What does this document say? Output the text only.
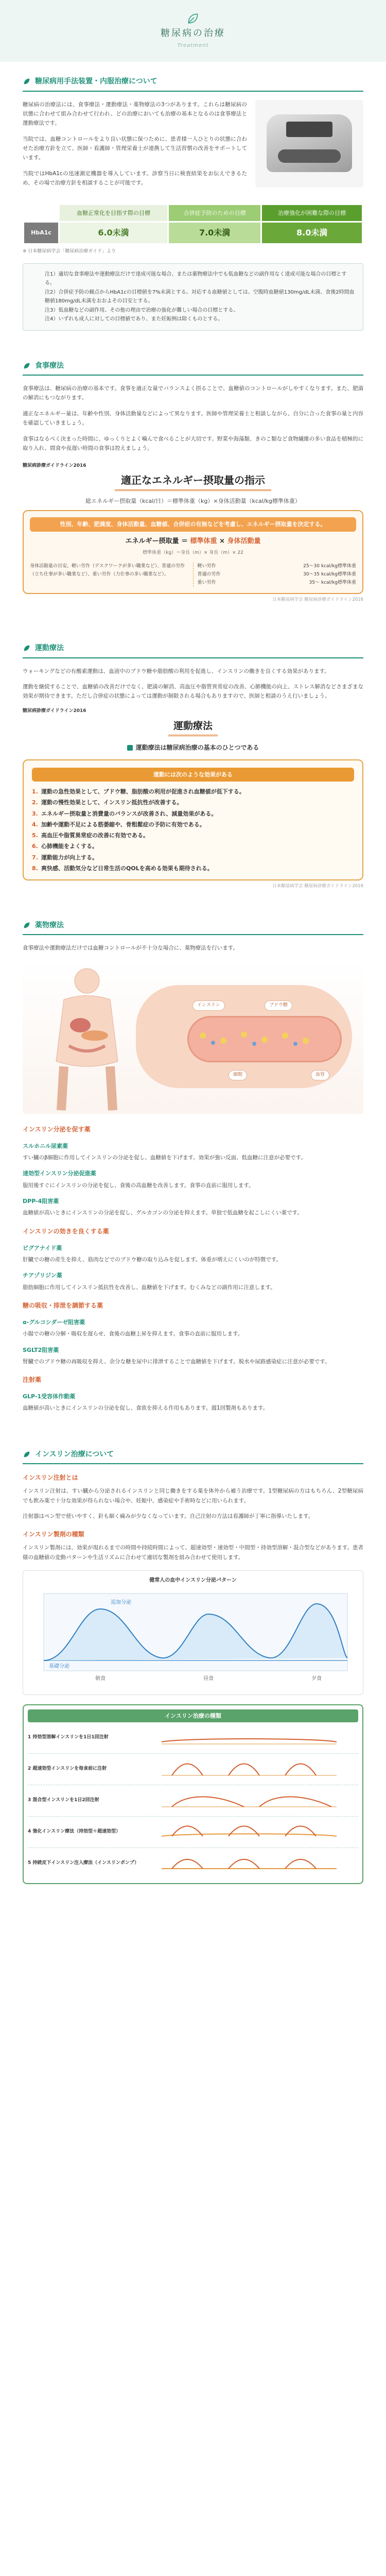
糖尿病の治療
Treatment
糖尿病用手法装置・内服治療について

糖尿病の治療法には、食事療法・運動療法・薬物療法の3つがあります。これらは糖尿病の状態に合わせて組み合わせて行われ、どの治療においても治療の基本となるのは食事療法と運動療法です。

当院では、血糖コントロールをより良い状態に保つために、患者様一人ひとりの状態に合わせた治療方針を立て、医師・看護師・管理栄養士が連携して生活習慣の改善をサポートしています。

当院ではHbA1cの迅速測定機器を導入しています。診察当日に検査結果をお伝えできるため、その場で治療方針を相談することが可能です。

	血糖正常化を目指す際の目標	合併症予防のための目標	治療強化が困難な際の目標
HbA1c	6.0未満	7.0未満	8.0未満
※ 日本糖尿病学会「糖尿病治療ガイド」より
注1）適切な食事療法や運動療法だけで達成可能な場合、または薬物療法中でも低血糖などの副作用なく達成可能な場合の目標とする。
注2）合併症予防の観点からHbA1cの目標値を7%未満とする。対応する血糖値としては、空腹時血糖値130mg/dL未満、食後2時間血糖値180mg/dL未満をおおよその目安とする。
注3）低血糖などの副作用、その他の理由で治療の強化が難しい場合の目標とする。
注4）いずれも成人に対しての目標値であり、また妊娠例は除くものとする。
食事療法

食事療法は、糖尿病の治療の基本です。食事を適正な量でバランスよく摂ることで、血糖値のコントロールがしやすくなります。また、肥満の解消にもつながります。

適正なエネルギー量は、年齢や性別、身体活動量などによって異なります。医師や管理栄養士と相談しながら、自分に合った食事の量と内容を確認していきましょう。

食事はなるべく決まった時間に、ゆっくりとよく噛んで食べることが大切です。野菜や海藻類、きのこ類など食物繊維の多い食品を積極的に取り入れ、間食や夜遅い時間の食事は控えましょう。

糖尿病診療ガイドライン2016
適正なエネルギー摂取量の指示
総エネルギー摂取量（kcal/日）＝標準体重（kg）×身体活動量（kcal/kg標準体重）
性別、年齢、肥満度、身体活動量、血糖値、合併症の有無などを考慮し、エネルギー摂取量を決定する。
エネルギー摂取量 ＝ 標準体重 × 身体活動量
標準体重（kg）＝身長（m）× 身長（m）× 22
身体活動量の目安。軽い労作（デスクワークが多い職業など）、普通の労作（立ち仕事が多い職業など）、重い労作（力仕事の多い職業など）。
軽い労作	25〜30 kcal/kg標準体重
普通の労作	30〜35 kcal/kg標準体重
重い労作	35〜 kcal/kg標準体重
日本糖尿病学会 糖尿病診療ガイドライン2016
運動療法

ウォーキングなどの有酸素運動は、血液中のブドウ糖や脂肪酸の利用を促進し、インスリンの働きを良くする効果があります。

運動を継続することで、血糖値の改善だけでなく、肥満の解消、高血圧や脂質異常症の改善、心肺機能の向上、ストレス解消などさまざまな効果が期待できます。ただし合併症の状態によっては運動が制限される場合もありますので、医師と相談のうえ行いましょう。

糖尿病診療ガイドライン2016
運動療法
運動療法は糖尿病治療の基本のひとつである
運動には次のような効果がある
1. 運動の急性効果として、ブドウ糖、脂肪酸の利用が促進され血糖値が低下する。
2. 運動の慢性効果として、インスリン抵抗性が改善する。
3. エネルギー摂取量と消費量のバランスが改善され、減量効果がある。
4. 加齢や運動不足による筋萎縮や、骨粗鬆症の予防に有効である。
5. 高血圧や脂質異常症の改善に有効である。
6. 心肺機能をよくする。
7. 運動能力が向上する。
8. 爽快感、活動気分など日常生活のQOLを高める効果も期待される。
日本糖尿病学会 糖尿病診療ガイドライン2016
薬物療法

食事療法や運動療法だけでは血糖コントロールが不十分な場合に、薬物療法を行います。

インスリン	ブドウ糖
血管
細胞
インスリン分泌を促す薬
スルホニル尿素薬

すい臓のβ細胞に作用してインスリンの分泌を促し、血糖値を下げます。効果が強い反面、低血糖に注意が必要です。

速効型インスリン分泌促進薬

服用後すぐにインスリンの分泌を促し、食後の高血糖を改善します。食事の直前に服用します。

DPP-4阻害薬

血糖値が高いときにインスリンの分泌を促し、グルカゴンの分泌を抑えます。単独で低血糖を起こしにくい薬です。

インスリンの効きを良くする薬
ビグアナイド薬

肝臓での糖の産生を抑え、筋肉などでのブドウ糖の取り込みを促します。体重が増えにくいのが特徴です。

チアゾリジン薬

脂肪細胞に作用してインスリン抵抗性を改善し、血糖値を下げます。むくみなどの副作用に注意します。

糖の吸収・排泄を調節する薬
α-グルコシダーゼ阻害薬

小腸での糖の分解・吸収を遅らせ、食後の血糖上昇を抑えます。食事の直前に服用します。

SGLT2阻害薬

腎臓でのブドウ糖の再吸収を抑え、余分な糖を尿中に排泄することで血糖値を下げます。脱水や尿路感染症に注意が必要です。

注射薬
GLP-1受容体作動薬

血糖値が高いときにインスリンの分泌を促し、食欲を抑える作用もあります。週1回製剤もあります。

インスリン治療について
インスリン注射とは

インスリン注射は、すい臓から分泌されるインスリンと同じ働きをする薬を体外から補う治療です。1型糖尿病の方はもちろん、2型糖尿病でも飲み薬で十分な効果が得られない場合や、妊娠中、感染症や手術時などに用いられます。

注射器はペン型で使いやすく、針も細く痛みが少なくなっています。自己注射の方法は看護師が丁寧に指導いたします。

インスリン製剤の種類

インスリン製剤には、効果が現れるまでの時間や持続時間によって、超速効型・速効型・中間型・持効型溶解・混合型などがあります。患者様の血糖値の変動パターンや生活リズムに合わせて適切な製剤を組み合わせて使用します。

健常人の血中インスリン分泌パターン
基礎分泌
追加分泌
朝食	昼食	夕食
インスリン治療の種類
1 持効型溶解インスリンを1日1回注射
2 超速効型インスリンを毎食前に注射
3 混合型インスリンを1日2回注射
4 強化インスリン療法（持効型＋超速効型）
5 持続皮下インスリン注入療法（インスリンポンプ）
